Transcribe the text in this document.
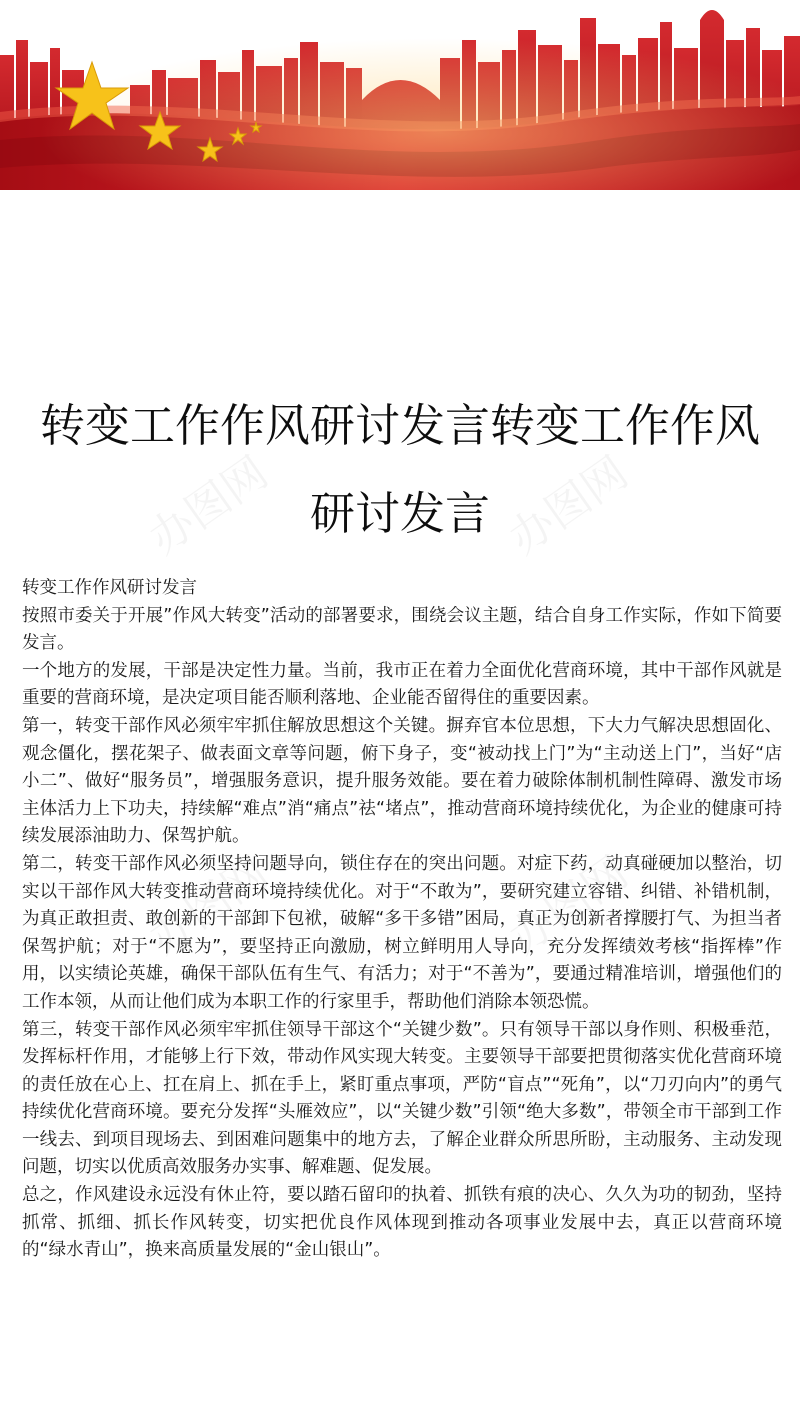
转变工作作风研讨发言转变工作作风研讨发言

转变工作作风研讨发言

按照市委关于开展”作风大转变”活动的部署要求，围绕会议主题，结合自身工作实际，作如下简要发言。

一个地方的发展，干部是决定性力量。当前，我市正在着力全面优化营商环境，其中干部作风就是重要的营商环境，是决定项目能否顺利落地、企业能否留得住的重要因素。

第一，转变干部作风必须牢牢抓住解放思想这个关键。摒弃官本位思想，下大力气解决思想固化、观念僵化，摆花架子、做表面文章等问题，俯下身子，变“被动找上门”为“主动送上门”，当好“店小二”、做好“服务员”，增强服务意识，提升服务效能。要在着力破除体制机制性障碍、激发市场主体活力上下功夫，持续解“难点”消“痛点”祛“堵点”，推动营商环境持续优化，为企业的健康可持续发展添油助力、保驾护航。

第二，转变干部作风必须坚持问题导向，锁住存在的突出问题。对症下药，动真碰硬加以整治，切实以干部作风大转变推动营商环境持续优化。对于“不敢为”，要研究建立容错、纠错、补错机制，为真正敢担责、敢创新的干部卸下包袱，破解“多干多错”困局，真正为创新者撑腰打气、为担当者保驾护航；对于“不愿为”，要坚持正向激励，树立鲜明用人导向，充分发挥绩效考核“指挥棒”作用，以实绩论英雄，确保干部队伍有生气、有活力；对于“不善为”，要通过精准培训，增强他们的工作本领，从而让他们成为本职工作的行家里手，帮助他们消除本领恐慌。

第三，转变干部作风必须牢牢抓住领导干部这个“关键少数”。只有领导干部以身作则、积极垂范，发挥标杆作用，才能够上行下效，带动作风实现大转变。主要领导干部要把贯彻落实优化营商环境的责任放在心上、扛在肩上、抓在手上，紧盯重点事项，严防“盲点”“死角”，以“刀刃向内”的勇气持续优化营商环境。要充分发挥“头雁效应”，以“关键少数”引领“绝大多数”，带领全市干部到工作一线去、到项目现场去、到困难问题集中的地方去，了解企业群众所思所盼，主动服务、主动发现问题，切实以优质高效服务办实事、解难题、促发展。

总之，作风建设永远没有休止符，要以踏石留印的执着、抓铁有痕的决心、久久为功的韧劲，坚持抓常、抓细、抓长作风转变，切实把优良作风体现到推动各项事业发展中去，真正以营商环境的“绿水青山”，换来高质量发展的“金山银山”。
